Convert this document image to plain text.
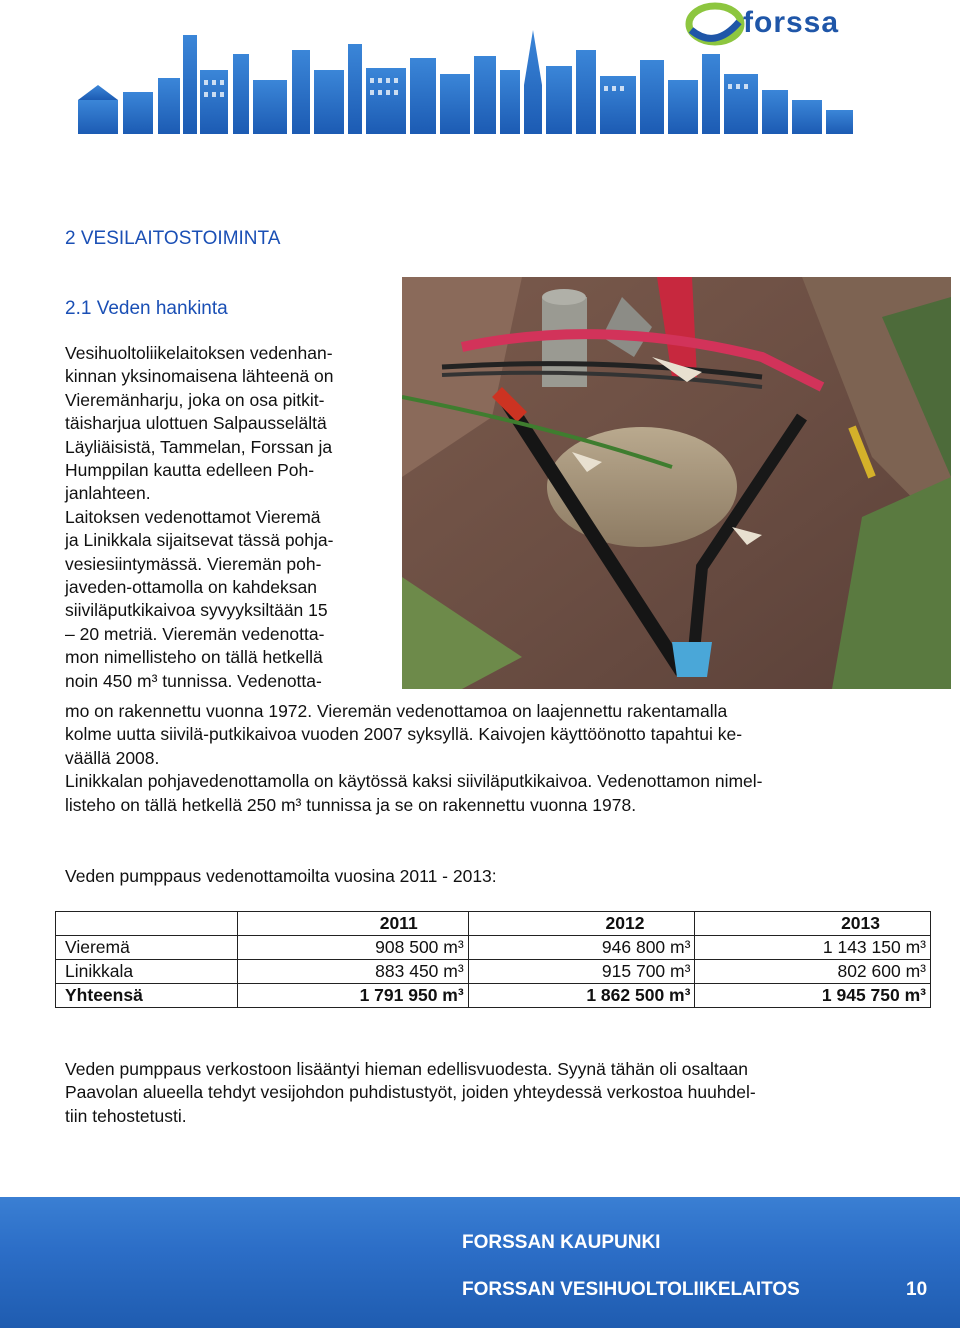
forssa
2 VESILAITOSTOIMINTA
2.1 Veden hankinta
Vesihuoltoliikelaitoksen vedenhan-
kinnan yksinomaisena lähteenä on
Vieremänharju, joka on osa pitkit-
täisharjua ulottuen Salpausselältä
Läyliäisistä, Tammelan, Forssan ja
Humppilan kautta edelleen Poh-
janlahteen.
Laitoksen vedenottamot Vieremä
ja Linikkala sijaitsevat tässä pohja-
vesiesiintymässä. Vieremän poh-
javeden-ottamolla on kahdeksan
siiviläputkikaivoa syvyyksiltään 15
– 20 metriä. Vieremän vedenotta-
mon nimellisteho on tällä hetkellä
noin 450 m³ tunnissa. Vedenotta-
mo on rakennettu vuonna 1972. Vieremän vedenottamoa on laajennettu rakentamalla
kolme uutta siivilä-putkikaivoa vuoden 2007 syksyllä. Kaivojen käyttöönotto tapahtui ke-
väällä 2008.
Linikkalan pohjavedenottamolla on käytössä kaksi siiviläputkikaivoa. Vedenottamon nimel-
listeho on tällä hetkellä 250 m³ tunnissa ja se on rakennettu vuonna 1978.
Veden pumppaus vedenottamoilta vuosina 2011 - 2013:
	2011	2012	2013
Vieremä	908 500 m³	946 800 m³	1 143 150 m³
Linikkala	883 450 m³	915 700 m³	802 600 m³
Yhteensä	1 791 950 m³	1 862 500 m³	1 945 750 m³
Veden pumppaus verkostoon lisääntyi hieman edellisvuodesta. Syynä tähän oli osaltaan
Paavolan alueella tehdyt vesijohdon puhdistustyöt, joiden yhteydessä verkostoa huuhdel-
tiin tehostetusti.
FORSSAN KAUPUNKI
FORSSAN VESIHUOLTOLIIKELAITOS	10
